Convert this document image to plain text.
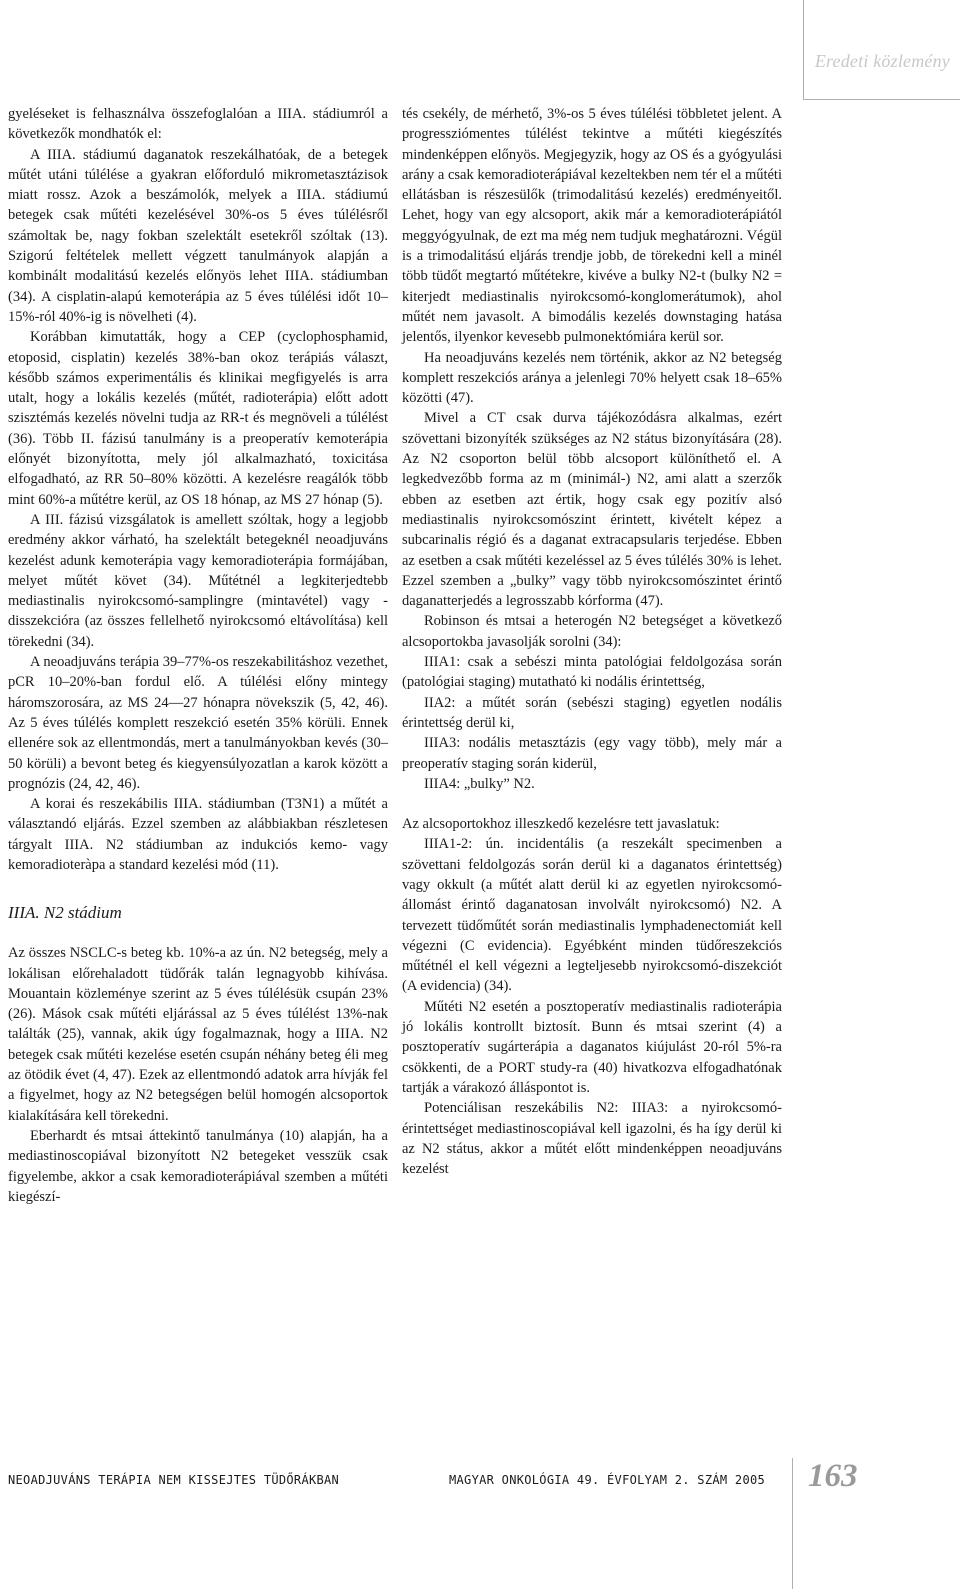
Eredeti közlemény

gyeléseket is felhasználva összefoglalóan a IIIA. stádiumról a következők mondhatók el:

A IIIA. stádiumú daganatok reszekálhatóak, de a betegek műtét utáni túlélése a gyakran előforduló mikrometasztázisok miatt rossz. Azok a beszámolók, melyek a IIIA. stádiumú betegek csak műtéti kezelésével 30%-os 5 éves túlélésről számoltak be, nagy fokban szelektált esetekről szóltak (13). Szigorú feltételek mellett végzett tanulmányok alapján a kombinált modalitású kezelés előnyös lehet IIIA. stádiumban (34). A cisplatin-alapú kemoterápia az 5 éves túlélési időt 10–15%-ról 40%-ig is növelheti (4).

Korábban kimutatták, hogy a CEP (cyclophosphamid, etoposid, cisplatin) kezelés 38%-ban okoz terápiás választ, később számos experimentális és klinikai megfigyelés is arra utalt, hogy a lokális kezelés (műtét, radioterápia) előtt adott szisztémás kezelés növelni tudja az RR-t és megnöveli a túlélést (36). Több II. fázisú tanulmány is a preoperatív kemoterápia előnyét bizonyította, mely jól alkalmazható, toxicitása elfogadható, az RR 50–80% közötti. A kezelésre reagálók több mint 60%-a műtétre kerül, az OS 18 hónap, az MS 27 hónap (5).

A III. fázisú vizsgálatok is amellett szóltak, hogy a legjobb eredmény akkor várható, ha szelektált betegeknél neoadjuváns kezelést adunk kemoterápia vagy kemoradioterápia formájában, melyet műtét követ (34). Műtétnél a legkiterjedtebb mediastinalis nyirokcsomó-samplingre (mintavétel) vagy -disszekcióra (az összes fellelhető nyirokcsomó eltávolítása) kell törekedni (34).

A neoadjuváns terápia 39–77%-os reszekabilitáshoz vezethet, pCR 10–20%-ban fordul elő. A túlélési előny mintegy háromszorosára, az MS 24—27 hónapra növekszik (5, 42, 46). Az 5 éves túlélés komplett reszekció esetén 35% körüli. Ennek ellenére sok az ellentmondás, mert a tanulmányokban kevés (30–50 körüli) a bevont beteg és kiegyensúlyozatlan a karok között a prognózis (24, 42, 46).

A korai és reszekábilis IIIA. stádiumban (T3N1) a műtét a választandó eljárás. Ezzel szemben az alábbiakban részletesen tárgyalt IIIA. N2 stádiumban az indukciós kemo- vagy kemoradioteràpa a standard kezelési mód (11).

IIIA. N2 stádium

Az összes NSCLC-s beteg kb. 10%-a az ún. N2 betegség, mely a lokálisan előrehaladott tüdőrák talán legnagyobb kihívása. Mouantain közleménye szerint az 5 éves túlélésük csupán 23% (26). Mások csak műtéti eljárással az 5 éves túlélést 13%-nak találták (25), vannak, akik úgy fogalmaznak, hogy a IIIA. N2 betegek csak műtéti kezelése esetén csupán néhány beteg éli meg az ötödik évet (4, 47). Ezek az ellentmondó adatok arra hívják fel a figyelmet, hogy az N2 betegségen belül homogén alcsoportok kialakítására kell törekedni.

Eberhardt és mtsai áttekintő tanulmánya (10) alapján, ha a mediastinoscopiával bizonyított N2 betegeket vesszük csak figyelembe, akkor a csak kemoradioterápiával szemben a műtéti kiegészí-

tés csekély, de mérhető, 3%-os 5 éves túlélési többletet jelent. A progressziómentes túlélést tekintve a műtéti kiegészítés mindenképpen előnyös. Megjegyzik, hogy az OS és a gyógyulási arány a csak kemoradioterápiával kezeltekben nem tér el a műtéti ellátásban is részesülők (trimodalitású kezelés) eredményeitől. Lehet, hogy van egy alcsoport, akik már a kemoradioterápiától meggyógyulnak, de ezt ma még nem tudjuk meghatározni. Végül is a trimodalitású eljárás trendje jobb, de törekedni kell a minél több tüdőt megtartó műtétekre, kivéve a bulky N2-t (bulky N2 = kiterjedt mediastinalis nyirokcsomó-konglomerátumok), ahol műtét nem javasolt. A bimodális kezelés downstaging hatása jelentős, ilyenkor kevesebb pulmonektómiára kerül sor.

Ha neoadjuváns kezelés nem történik, akkor az N2 betegség komplett reszekciós aránya a jelenlegi 70% helyett csak 18–65% közötti (47).

Mivel a CT csak durva tájékozódásra alkalmas, ezért szövettani bizonyíték szükséges az N2 státus bizonyítására (28). Az N2 csoporton belül több alcsoport különíthető el. A legkedvezőbb forma az m (minimál-) N2, ami alatt a szerzők ebben az esetben azt értik, hogy csak egy pozitív alsó mediastinalis nyirokcsomószint érintett, kivételt képez a subcarinalis régió és a daganat extracapsularis terjedése. Ebben az esetben a csak műtéti kezeléssel az 5 éves túlélés 30% is lehet. Ezzel szemben a „bulky” vagy több nyirokcsomószintet érintő daganatterjedés a legrosszabb kórforma (47).

Robinson és mtsai a heterogén N2 betegséget a következő alcsoportokba javasolják sorolni (34):

IIIA1: csak a sebészi minta patológiai feldolgozása során (patológiai staging) mutatható ki nodális érintettség,

IIA2: a műtét során (sebészi staging) egyetlen nodális érintettség derül ki,

IIIA3: nodális metasztázis (egy vagy több), mely már a preoperatív staging során kiderül,

IIIA4: „bulky” N2.

Az alcsoportokhoz illeszkedő kezelésre tett javaslatuk:

IIIA1-2: ún. incidentális (a reszekált specimenben a szövettani feldolgozás során derül ki a daganatos érintettség) vagy okkult (a műtét alatt derül ki az egyetlen nyirokcsomó-állomást érintő daganatosan involvált nyirokcsomó) N2. A tervezett tüdőműtét során mediastinalis lymphadenectomiát kell végezni (C evidencia). Egyébként minden tüdőreszekciós műtétnél el kell végezni a legteljesebb nyirokcsomó-diszekciót (A evidencia) (34).

Műtéti N2 esetén a posztoperatív mediastinalis radioterápia jó lokális kontrollt biztosít. Bunn és mtsai szerint (4) a posztoperatív sugárterápia a daganatos kiújulást 20-ról 5%-ra csökkenti, de a PORT study-ra (40) hivatkozva elfogadhatónak tartják a várakozó álláspontot is.

Potenciálisan reszekábilis N2: IIIA3: a nyirokcsomó-érintettséget mediastinoscopiával kell igazolni, és ha így derül ki az N2 státus, akkor a műtét előtt mindenképpen neoadjuváns kezelést

NEOADJUVÁNS TERÁPIA NEM KISSEJTES TÜDŐRÁKBAN	MAGYAR ONKOLÓGIA 49. ÉVFOLYAM 2. SZÁM 2005 163
